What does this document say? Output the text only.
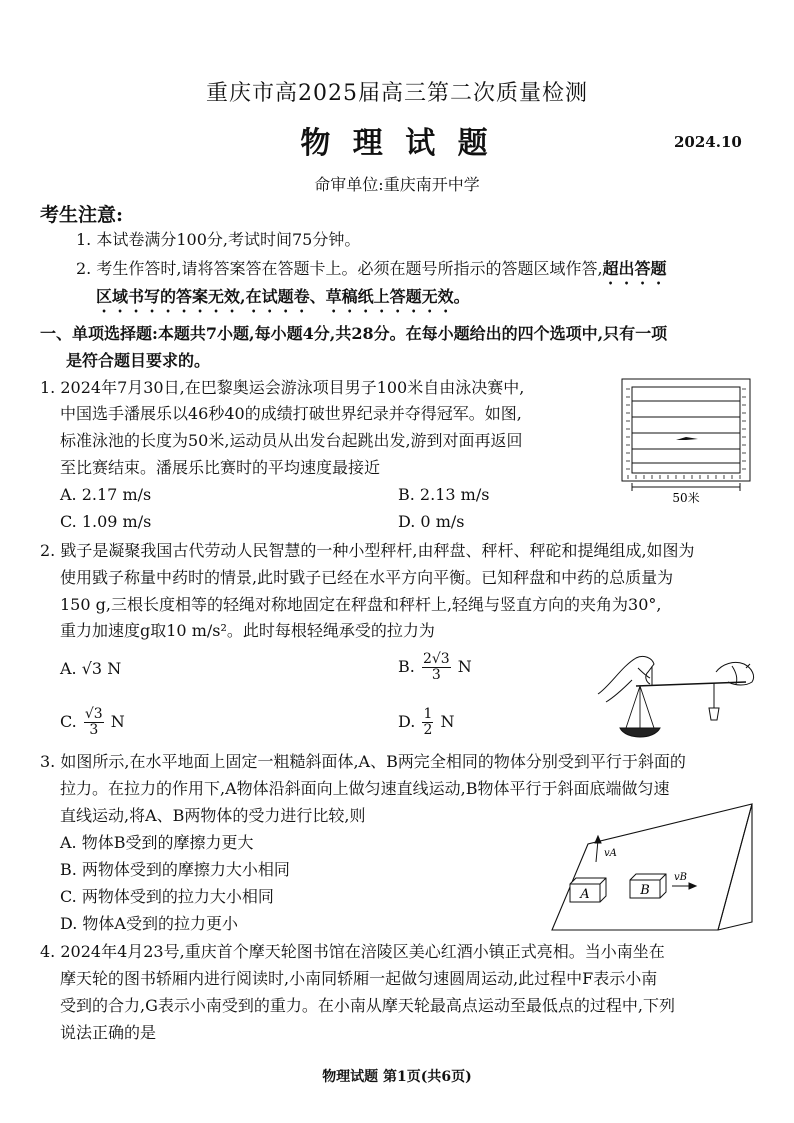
重庆市高2025届高三第二次质量检测
物 理 试 题	2024.10
命审单位:重庆南开中学
考生注意:
1. 本试卷满分100分,考试时间75分钟。
2. 考生作答时,请将答案答在答题卡上。必须在题号所指示的答题区域作答,超出答题
区域书写的答案无效,在试题卷、草稿纸上答题无效。
一、单项选择题:本题共7小题,每小题4分,共28分。在每小题给出的四个选项中,只有一项
是符合题目要求的。
1. 2024年7月30日,在巴黎奥运会游泳项目男子100米自由泳决赛中,
中国选手潘展乐以46秒40的成绩打破世界纪录并夺得冠军。如图,
标准泳池的长度为50米,运动员从出发台起跳出发,游到对面再返回
至比赛结束。潘展乐比赛时的平均速度最接近
A. 2.17 m/s	B. 2.13 m/s
C. 1.09 m/s	D. 0 m/s
50米
2. 戥子是凝聚我国古代劳动人民智慧的一种小型秤杆,由秤盘、秤杆、秤砣和提绳组成,如图为
使用戥子称量中药时的情景,此时戥子已经在水平方向平衡。已知秤盘和中药的总质量为
150 g,三根长度相等的轻绳对称地固定在秤盘和秤杆上,轻绳与竖直方向的夹角为30°,
重力加速度g取10 m/s²。此时每根轻绳承受的拉力为
A. √3 N	B. $\frac{2√3}{3}$ N
C. $\frac{√3}{3}$ N	D. $\frac{1}{2}$ N
3. 如图所示,在水平地面上固定一粗糙斜面体,A、B两完全相同的物体分别受到平行于斜面的
拉力。在拉力的作用下,A物体沿斜面向上做匀速直线运动,B物体平行于斜面底端做匀速
直线运动,将A、B两物体的受力进行比较,则
A. 物体B受到的摩擦力更大
B. 两物体受到的摩擦力大小相同
C. 两物体受到的拉力大小相同
D. 物体A受到的拉力更小
A
vA
B
vB
4. 2024年4月23号,重庆首个摩天轮图书馆在涪陵区美心红酒小镇正式亮相。当小南坐在
摩天轮的图书轿厢内进行阅读时,小南同轿厢一起做匀速圆周运动,此过程中F表示小南
受到的合力,G表示小南受到的重力。在小南从摩天轮最高点运动至最低点的过程中,下列
说法正确的是
物理试题 第1页(共6页)
